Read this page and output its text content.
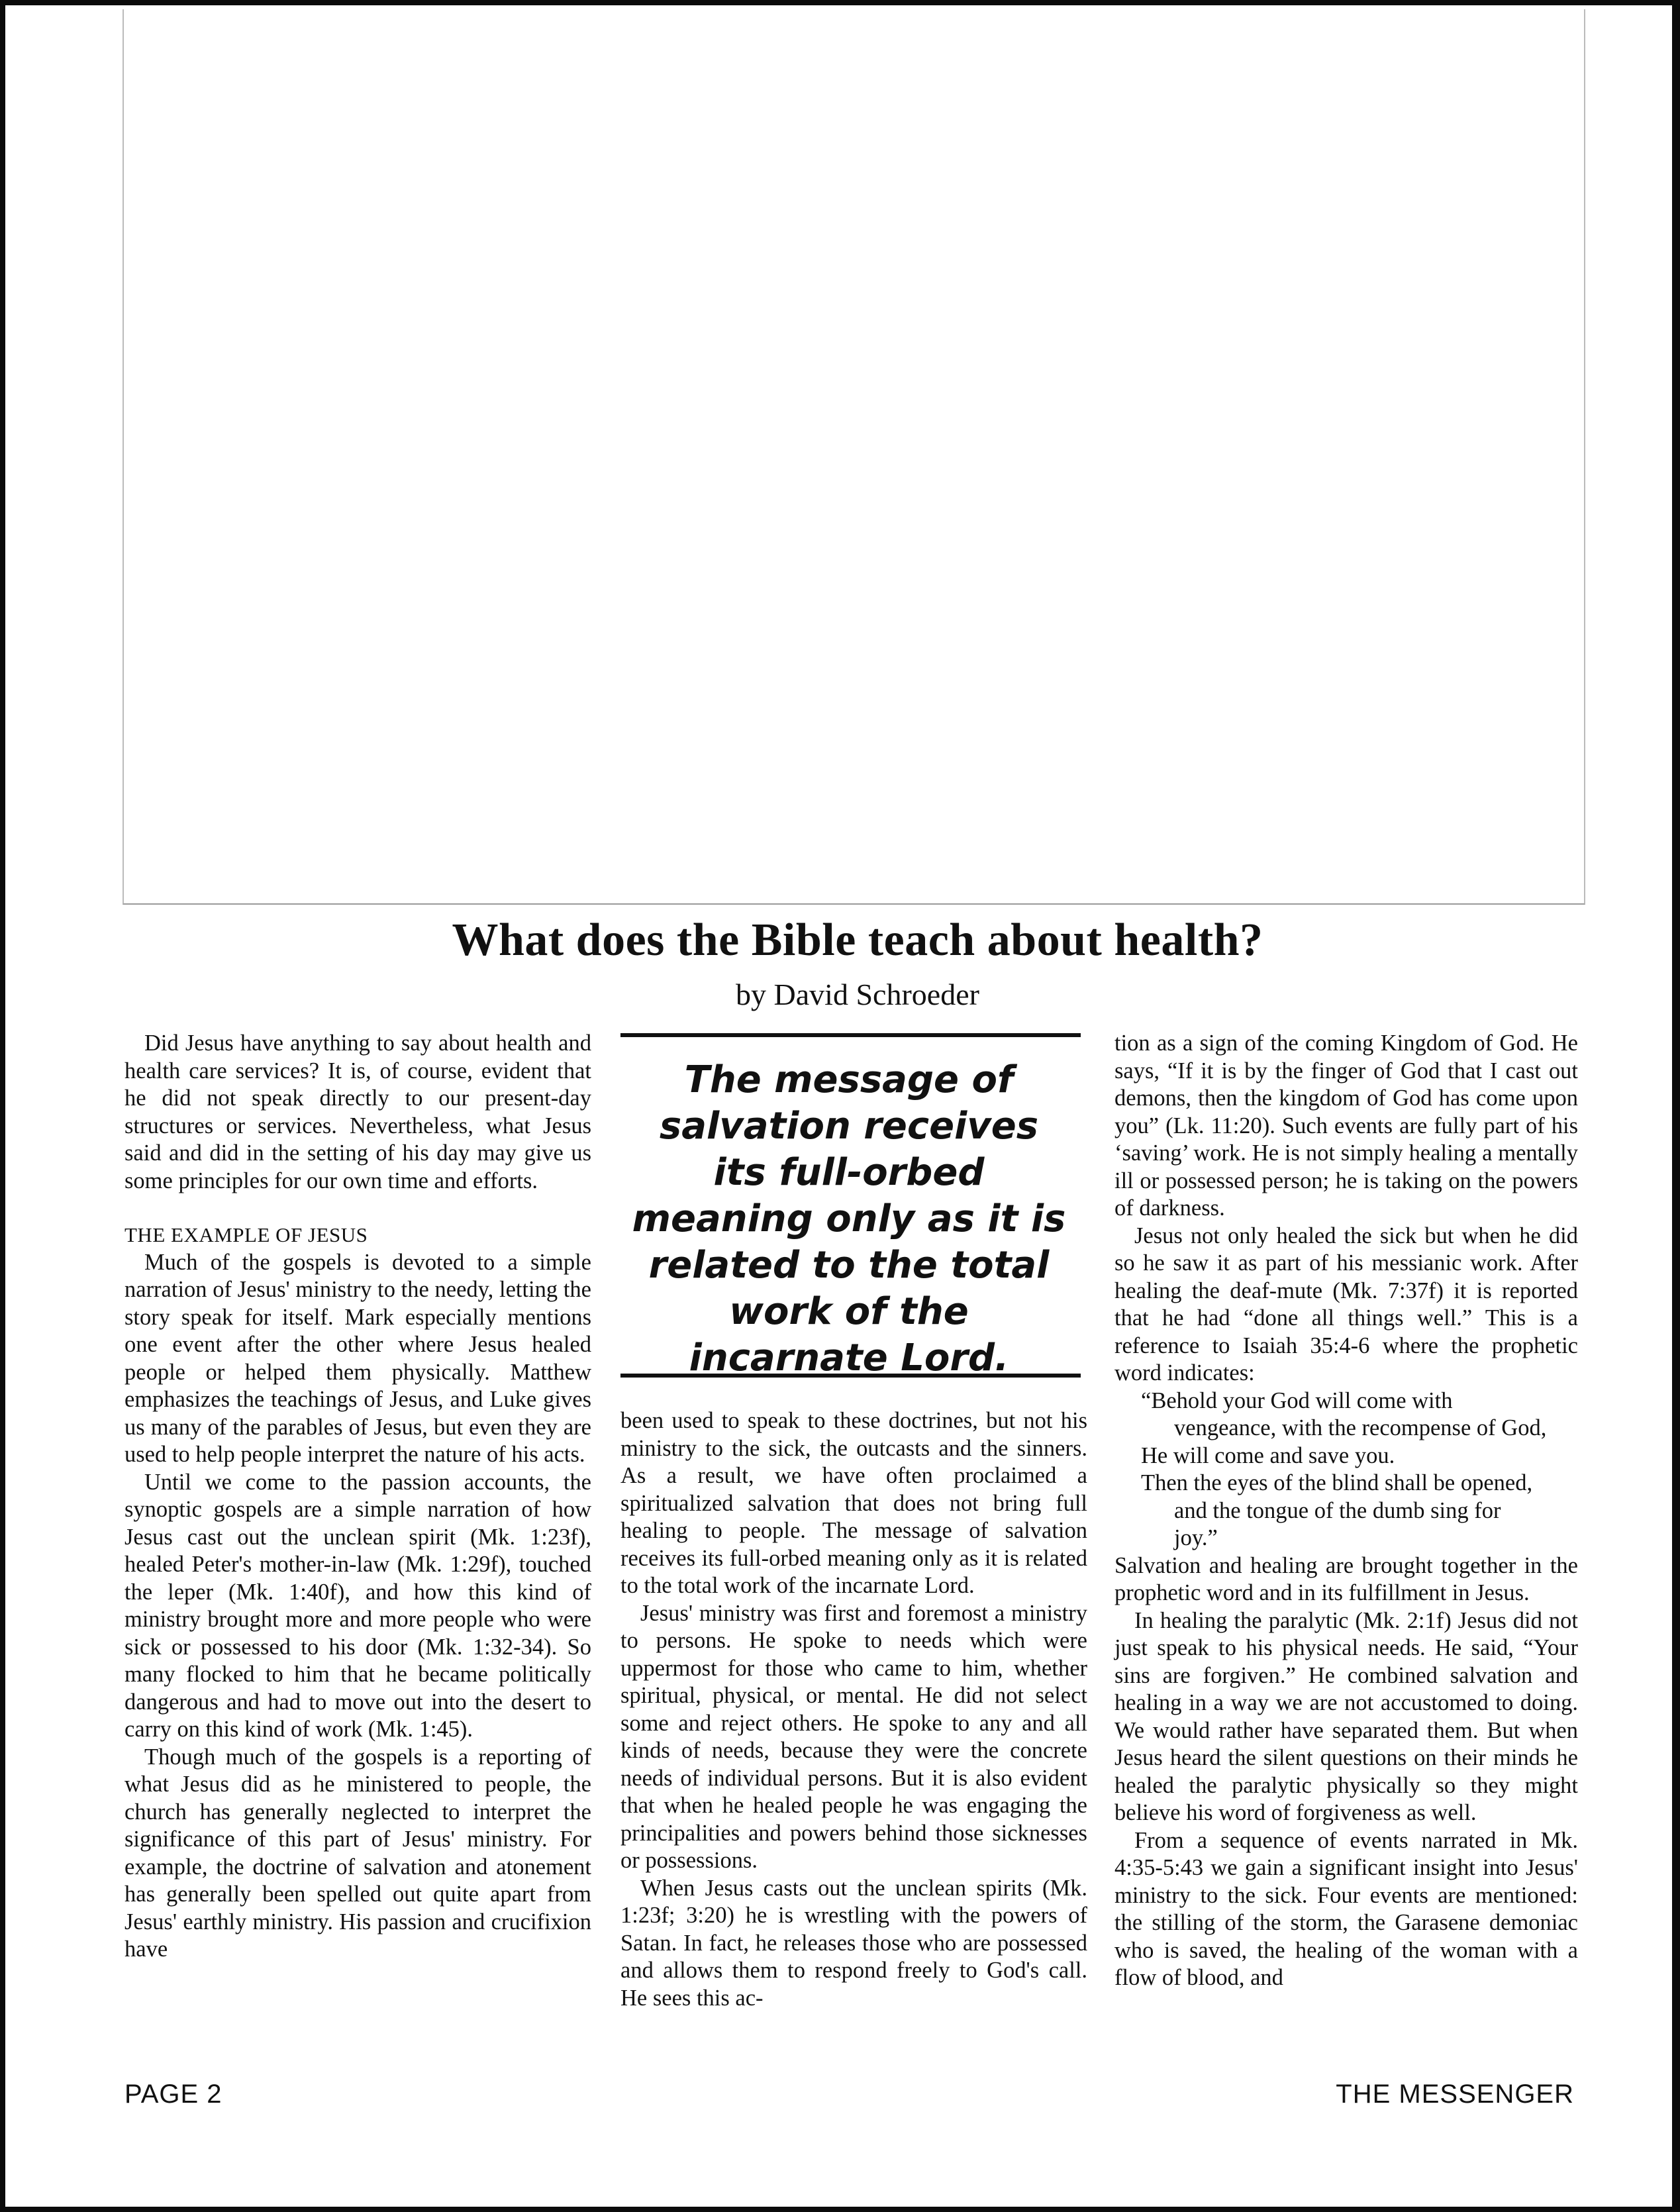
What does the Bible teach about health?

by David Schroeder

Did Jesus have anything to say about health and health care services? It is, of course, evident that he did not speak directly to our present-day structures or services. Nevertheless, what Jesus said and did in the setting of his day may give us some principles for our own time and efforts.

THE EXAMPLE OF JESUS

Much of the gospels is devoted to a simple narration of Jesus' ministry to the needy, letting the story speak for itself. Mark especially mentions one event after the other where Jesus healed people or helped them physically. Matthew emphasizes the teachings of Jesus, and Luke gives us many of the parables of Jesus, but even they are used to help people interpret the nature of his acts.

Until we come to the passion accounts, the synoptic gospels are a simple narration of how Jesus cast out the unclean spirit (Mk. 1:23f), healed Peter's mother-in-law (Mk. 1:29f), touched the leper (Mk. 1:40f), and how this kind of ministry brought more and more people who were sick or possessed to his door (Mk. 1:32-34). So many flocked to him that he became politically dangerous and had to move out into the desert to carry on this kind of work (Mk. 1:45).

Though much of the gospels is a reporting of what Jesus did as he ministered to people, the church has generally neglected to interpret the significance of this part of Jesus' ministry. For example, the doctrine of salvation and atonement has generally been spelled out quite apart from Jesus' earthly ministry. His passion and crucifixion have

The message of salvation receives its full-orbed meaning only as it is related to the total work of the incarnate Lord.

been used to speak to these doctrines, but not his ministry to the sick, the outcasts and the sinners. As a result, we have often proclaimed a spiritualized salvation that does not bring full healing to people. The message of salvation receives its full-orbed meaning only as it is related to the total work of the incarnate Lord.

Jesus' ministry was first and foremost a ministry to persons. He spoke to needs which were uppermost for those who came to him, whether spiritual, physical, or mental. He did not select some and reject others. He spoke to any and all kinds of needs, because they were the concrete needs of individual persons. But it is also evident that when he healed people he was engaging the principalities and powers behind those sicknesses or possessions.

When Jesus casts out the unclean spirits (Mk. 1:23f; 3:20) he is wrestling with the powers of Satan. In fact, he releases those who are possessed and allows them to respond freely to God's call. He sees this ac-

tion as a sign of the coming Kingdom of God. He says, “If it is by the finger of God that I cast out demons, then the kingdom of God has come upon you” (Lk. 11:20). Such events are fully part of his ‘saving’ work. He is not simply healing a mentally ill or possessed person; he is taking on the powers of darkness.

Jesus not only healed the sick but when he did so he saw it as part of his messianic work. After healing the deaf-mute (Mk. 7:37f) it is reported that he had “done all things well.” This is a reference to Isaiah 35:4-6 where the prophetic word indicates:

“Behold your God will come with

vengeance, with the recompense of God,

He will come and save you.

Then the eyes of the blind shall be opened,

and the tongue of the dumb sing for

joy.”

Salvation and healing are brought together in the prophetic word and in its fulfillment in Jesus.

In healing the paralytic (Mk. 2:1f) Jesus did not just speak to his physical needs. He said, “Your sins are forgiven.” He combined salvation and healing in a way we are not accustomed to doing. We would rather have separated them. But when Jesus heard the silent questions on their minds he healed the paralytic physically so they might believe his word of forgiveness as well.

From a sequence of events narrated in Mk. 4:35-5:43 we gain a significant insight into Jesus' ministry to the sick. Four events are mentioned: the stilling of the storm, the Garasene demoniac who is saved, the healing of the woman with a flow of blood, and

PAGE 2	THE MESSENGER
